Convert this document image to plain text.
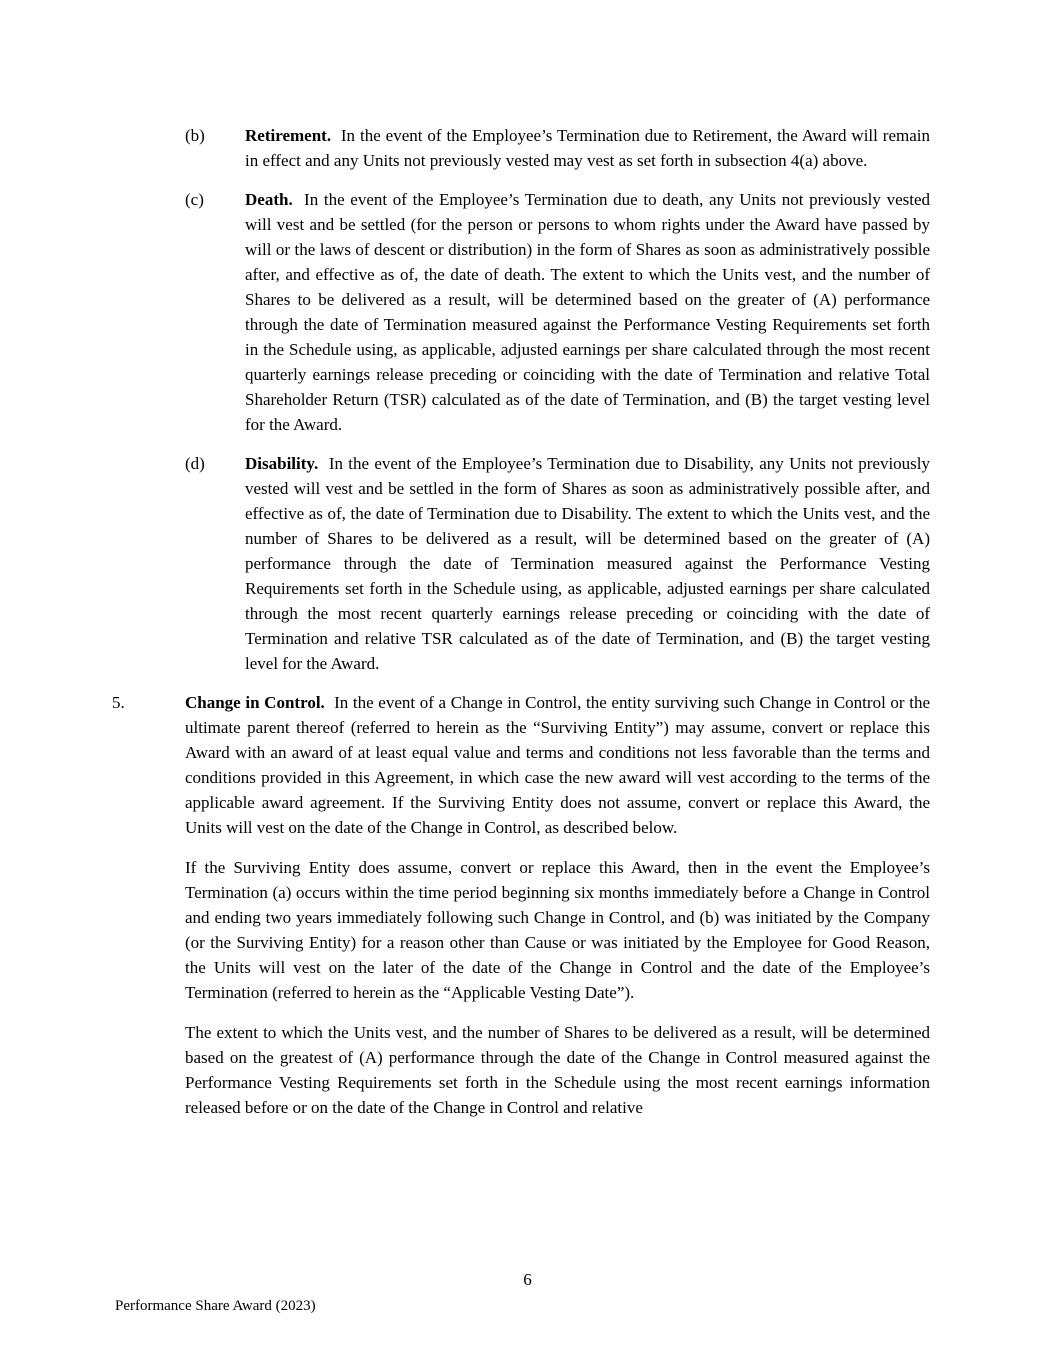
(b)	Retirement.  In the event of the Employee’s Termination due to Retirement, the Award will remain in effect and any Units not previously vested may vest as set forth in subsection 4(a) above.

(c)	Death.  In the event of the Employee’s Termination due to death, any Units not previously vested will vest and be settled (for the person or persons to whom rights under the Award have passed by will or the laws of descent or distribution) in the form of Shares as soon as administratively possible after, and effective as of, the date of death. The extent to which the Units vest, and the number of Shares to be delivered as a result, will be determined based on the greater of (A) performance through the date of Termination measured against the Performance Vesting Requirements set forth in the Schedule using, as applicable, adjusted earnings per share calculated through the most recent quarterly earnings release preceding or coinciding with the date of Termination and relative Total Shareholder Return (TSR) calculated as of the date of Termination, and (B) the target vesting level for the Award.

(d)	Disability.  In the event of the Employee’s Termination due to Disability, any Units not previously vested will vest and be settled in the form of Shares as soon as administratively possible after, and effective as of, the date of Termination due to Disability. The extent to which the Units vest, and the number of Shares to be delivered as a result, will be determined based on the greater of (A) performance through the date of Termination measured against the Performance Vesting Requirements set forth in the Schedule using, as applicable, adjusted earnings per share calculated through the most recent quarterly earnings release preceding or coinciding with the date of Termination and relative TSR calculated as of the date of Termination, and (B) the target vesting level for the Award.

5.	Change in Control.  In the event of a Change in Control, the entity surviving such Change in Control or the ultimate parent thereof (referred to herein as the “Surviving Entity”) may assume, convert or replace this Award with an award of at least equal value and terms and conditions not less favorable than the terms and conditions provided in this Agreement, in which case the new award will vest according to the terms of the applicable award agreement. If the Surviving Entity does not assume, convert or replace this Award, the Units will vest on the date of the Change in Control, as described below.

If the Surviving Entity does assume, convert or replace this Award, then in the event the Employee’s Termination (a) occurs within the time period beginning six months immediately before a Change in Control and ending two years immediately following such Change in Control, and (b) was initiated by the Company (or the Surviving Entity) for a reason other than Cause or was initiated by the Employee for Good Reason, the Units will vest on the later of the date of the Change in Control and the date of the Employee’s Termination (referred to herein as the “Applicable Vesting Date”).

The extent to which the Units vest, and the number of Shares to be delivered as a result, will be determined based on the greatest of (A) performance through the date of the Change in Control measured against the Performance Vesting Requirements set forth in the Schedule using the most recent earnings information released before or on the date of the Change in Control and relative

6
Performance Share Award (2023)
